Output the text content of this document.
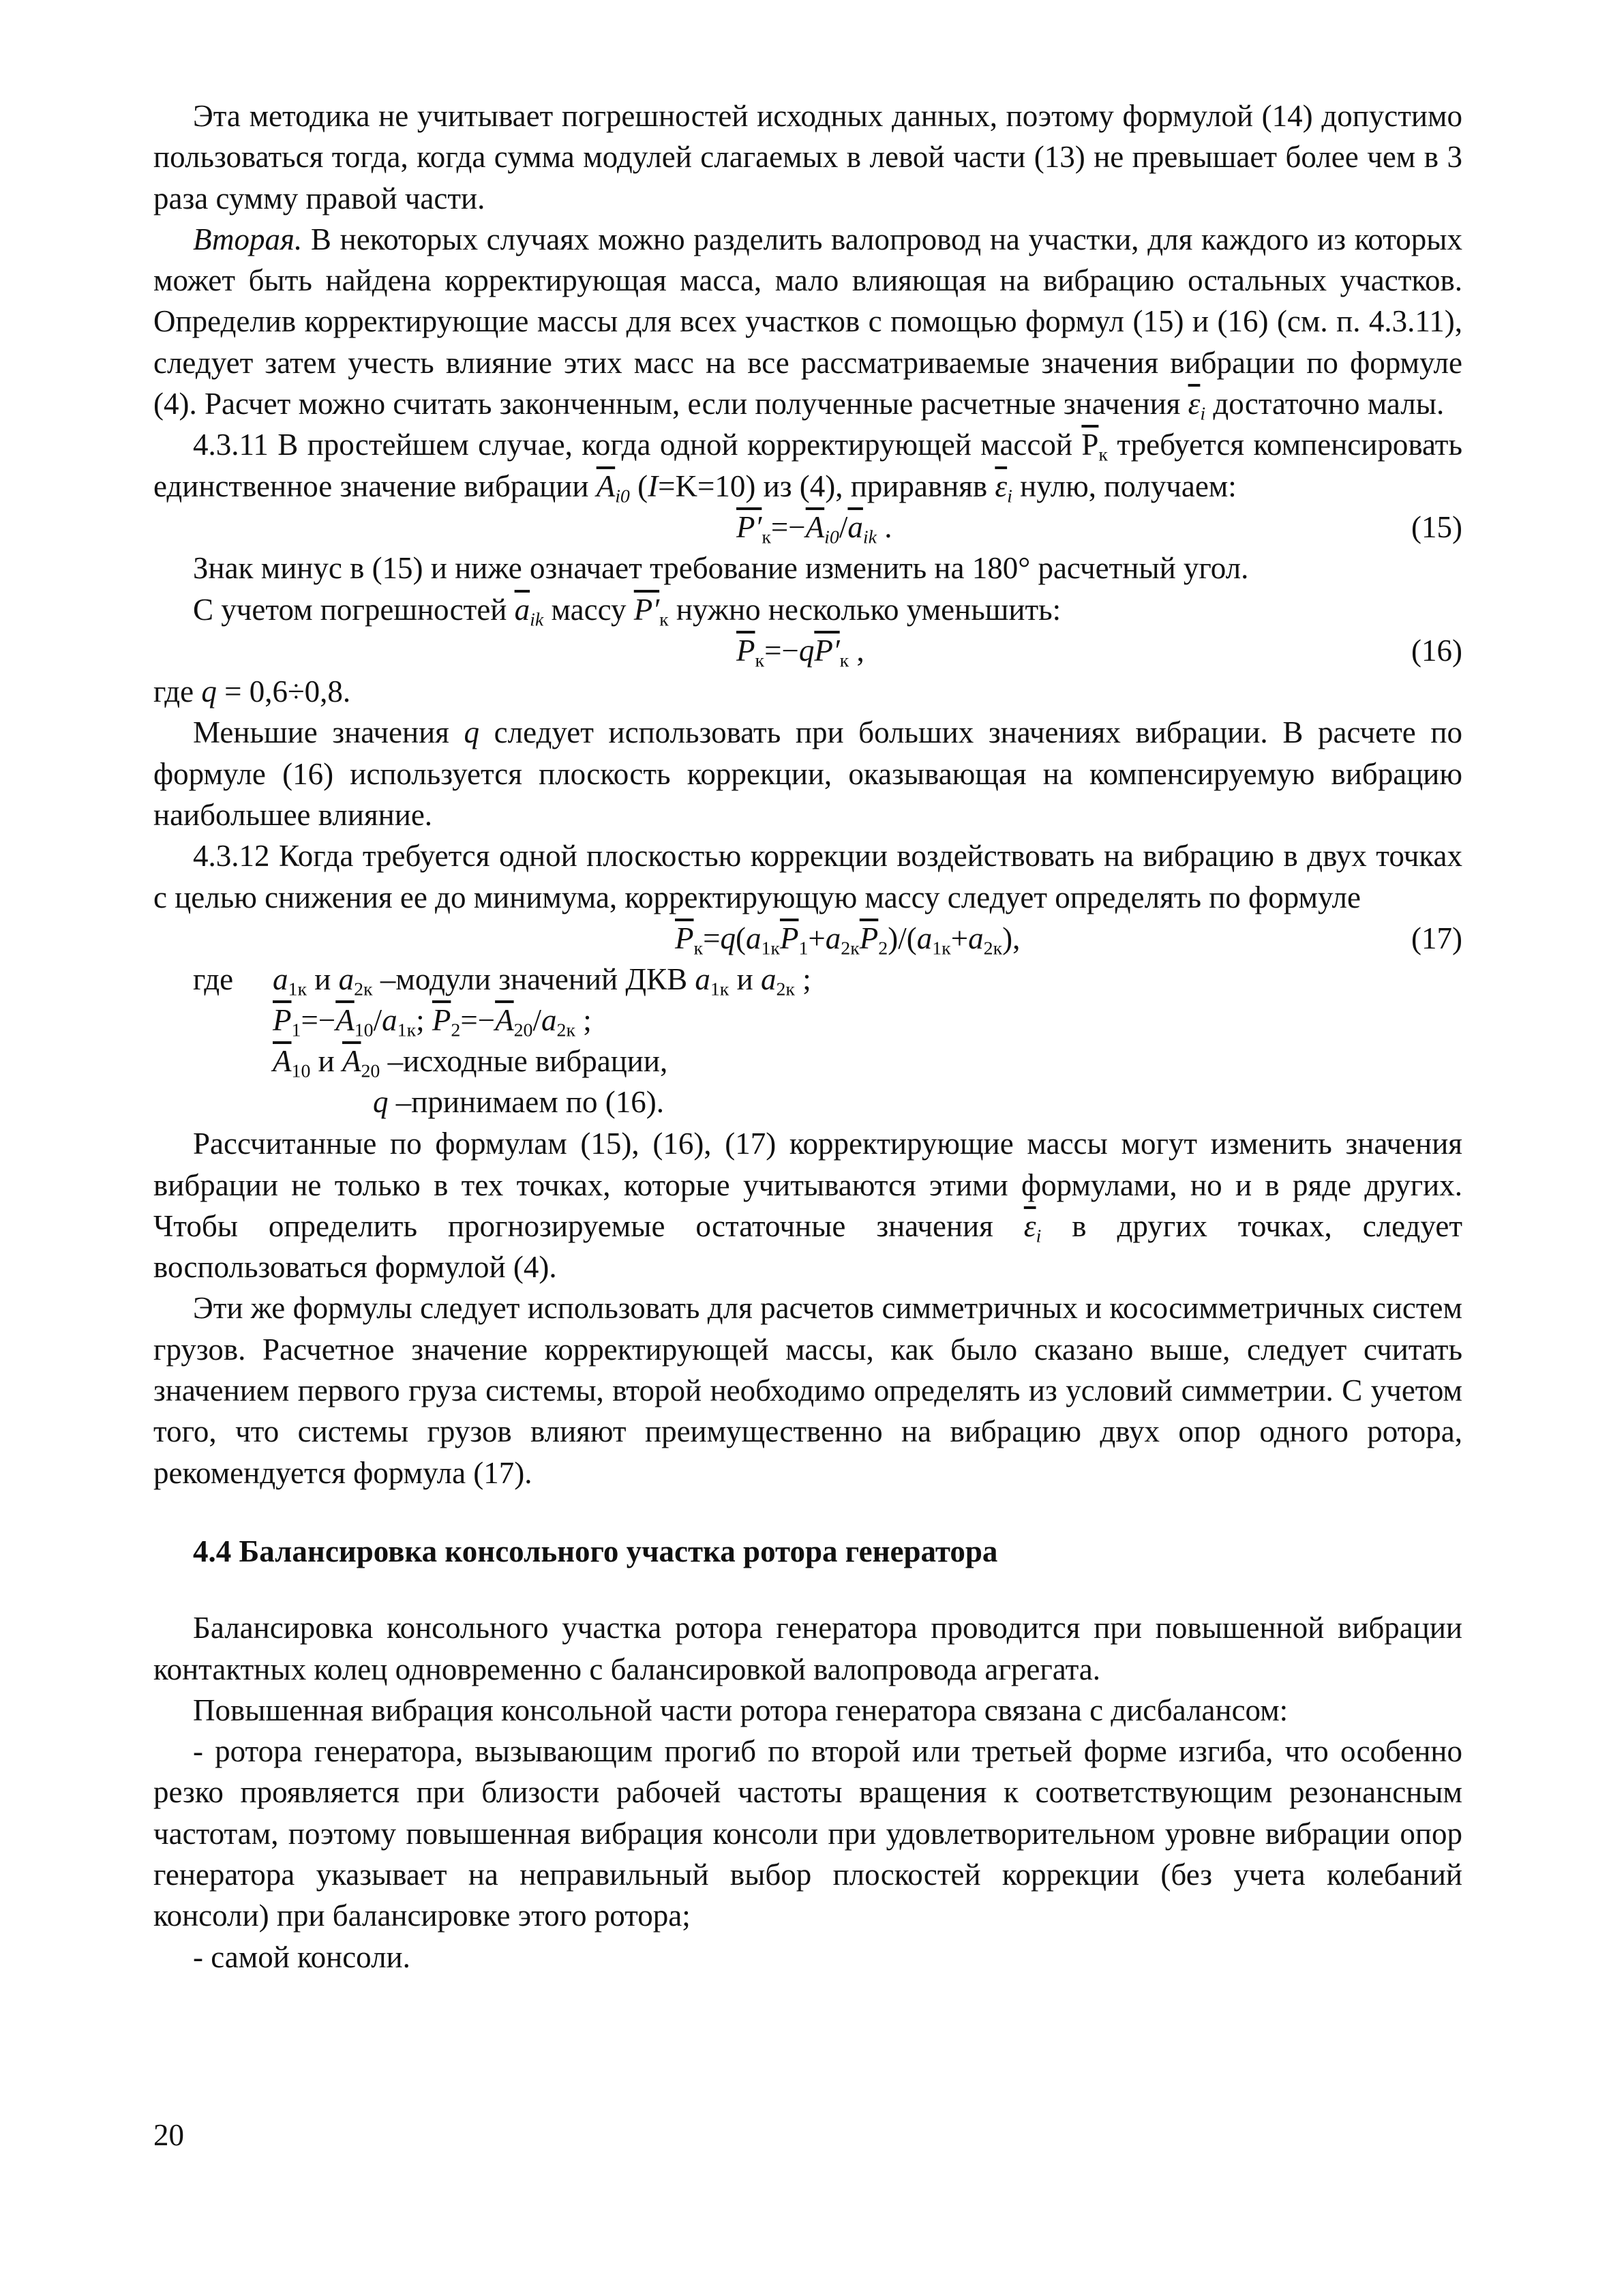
Эта методика не учитывает погрешностей исходных данных, поэтому формулой (14) допустимо пользоваться тогда, когда сумма модулей слагаемых в левой части (13) не превышает более чем в 3 раза сумму правой части.

Вторая. В некоторых случаях можно разделить валопровод на участки, для каждого из которых может быть найдена корректирующая масса, мало влияющая на вибрацию остальных участков. Определив корректирующие массы для всех участков с помощью формул (15) и (16) (см. п. 4.3.11), следует затем учесть влияние этих масс на все рассматриваемые значения вибрации по формуле (4). Расчет можно считать законченным, если полученные расчетные значения $\overline{\varepsilon}_i$ достаточно малы.

4.3.11 В простейшем случае, когда одной корректирующей массой $\overline{P}_к$ требуется компенсировать единственное значение вибрации $\overline{A}_{i0}$ (I=K=10) из (4), приравняв $\overline{\varepsilon}_i$ нулю, получаем:

$P'_к=-\overline{A}_{i0}/\overline{a}_{ik}$ .	(15)

Знак минус в (15) и ниже означает требование изменить на 180° расчетный угол.

С учетом погрешностей $\overline{a}_{ik}$ массу $P'_к$ нужно несколько уменьшить:

$\overline{P}_к=-qP'_к$ ,	(16)

где q = 0,6÷0,8.

Меньшие значения q следует использовать при больших значениях вибрации. В расчете по формуле (16) используется плоскость коррекции, оказывающая на компенсируемую вибрацию наибольшее влияние.

4.3.12 Когда требуется одной плоскостью коррекции воздействовать на вибрацию в двух точках с целью снижения ее до минимума, корректирующую массу следует определять по формуле

$\overline{P}_к=q(a_{1к}\overline{P}_1+a_{2к}\overline{P}_2)/(a_{1к}+a_{2к})$,	(17)
где $a_{1к}$ и $a_{2к}$ –модули значений ДКВ $a_{1к}$ и $a_{2к}$ ;
$\overline{P}_1=-\overline{A}_{10}/a_{1к}$; $\overline{P}_2=-\overline{A}_{20}/a_{2к}$ ;
$\overline{A}_{10}$ и $\overline{A}_{20}$ –исходные вибрации,
q –принимаем по (16).

Рассчитанные по формулам (15), (16), (17) корректирующие массы могут изменить значения вибрации не только в тех точках, которые учитываются этими формулами, но и в ряде других. Чтобы определить прогнозируемые остаточные значения $\overline{\varepsilon}_i$ в других точках, следует воспользоваться формулой (4).

Эти же формулы следует использовать для расчетов симметричных и кососимметричных систем грузов. Расчетное значение корректирующей массы, как было сказано выше, следует считать значением первого груза системы, второй необходимо определять из условий симметрии. С учетом того, что системы грузов влияют преимущественно на вибрацию двух опор одного ротора, рекомендуется формула (17).

4.4 Балансировка консольного участка ротора генератора

Балансировка консольного участка ротора генератора проводится при повышенной вибрации контактных колец одновременно с балансировкой валопровода агрегата.

Повышенная вибрация консольной части ротора генератора связана с дисбалансом:

- ротора генератора, вызывающим прогиб по второй или третьей форме изгиба, что особенно резко проявляется при близости рабочей частоты вращения к соответствующим резонансным частотам, поэтому повышенная вибрация консоли при удовлетворительном уровне вибрации опор генератора указывает на неправильный выбор плоскостей коррекции (без учета колебаний консоли) при балансировке этого ротора;

- самой консоли.

20
